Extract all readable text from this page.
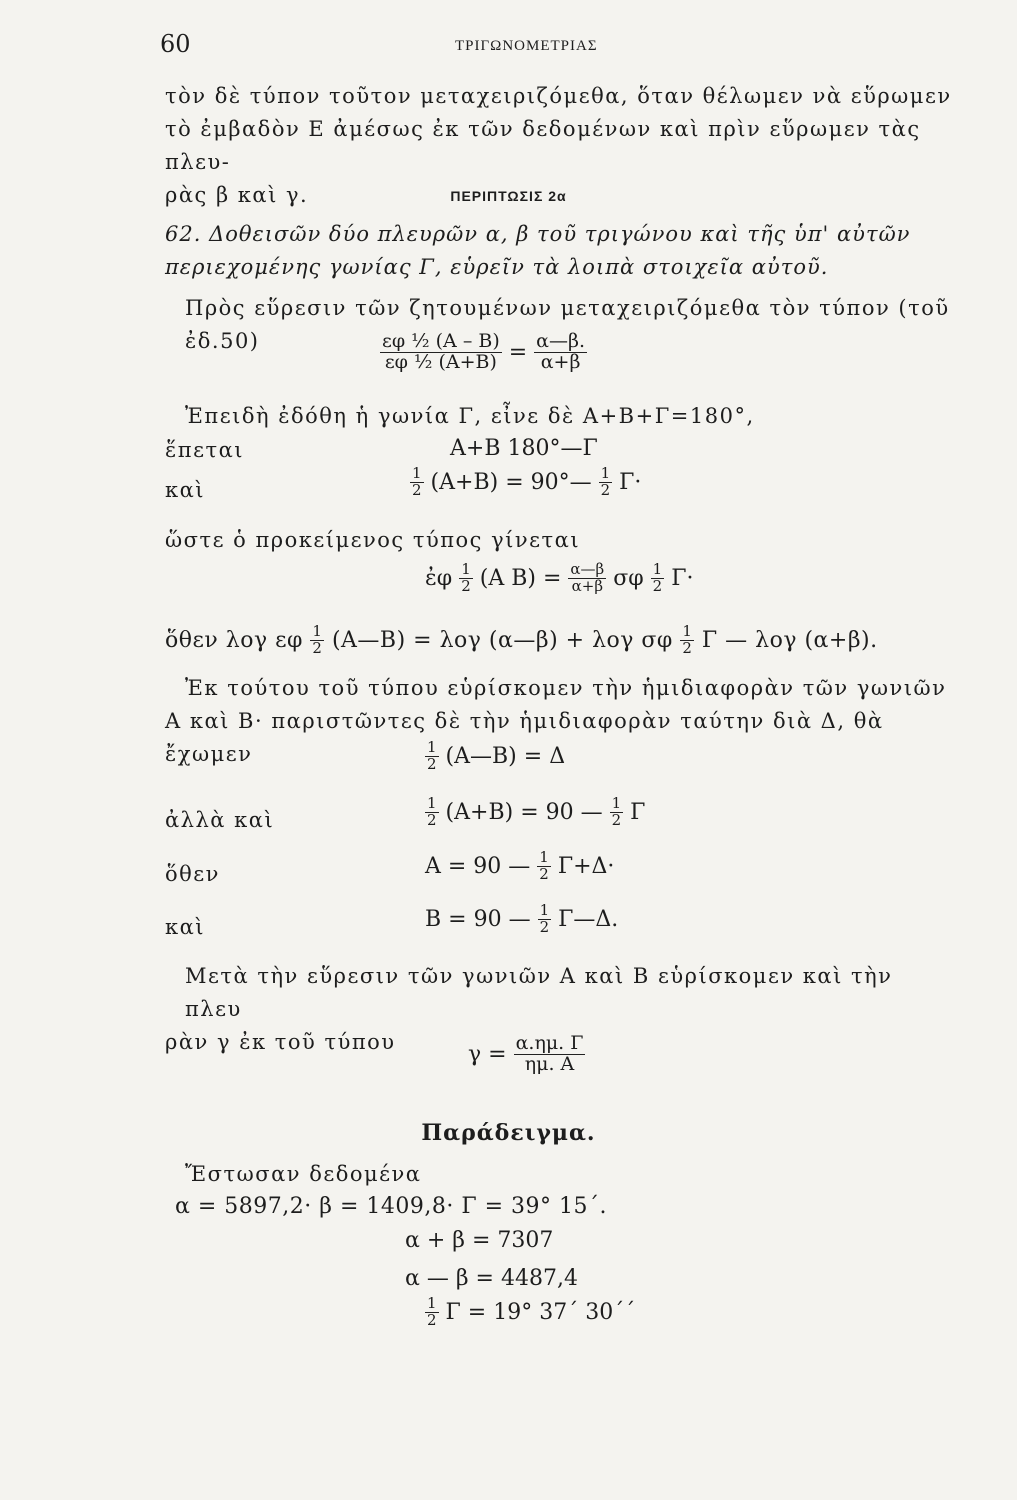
60	ΤΡΙΓΩΝΟΜΕΤΡΙΑΣ
τὸν δὲ τύπον τοῦτον μεταχειριζόμεθα, ὅταν θέλωμεν νὰ εὕρωμεν
τὸ ἐμβαδὸν Ε ἀμέσως ἐκ τῶν δεδομένων καὶ πρὶν εὕρωμεν τὰς πλευ-
ρὰς β καὶ γ.	ΠΕΡΙΠΤΩΣΙΣ 2α
62. Δοθεισῶν δύο πλευρῶν α, β τοῦ τριγώνου καὶ τῆς ὑπ' αὐτῶν
περιεχομένης γωνίας Γ, εὑρεῖν τὰ λοιπὰ στοιχεῖα αὐτοῦ.
Πρὸς εὕρεσιν τῶν ζητουμένων μεταχειριζόμεθα τὸν τύπον (τοῦ ἐδ.50)	$\frac{\text{εφ ½ (Α – Β)}}{\text{εφ ½ (Α+Β)}} = \frac{\alpha—\beta.}{\alpha+\beta}$
Ἐπειδὴ ἐδόθη ἡ γωνία Γ, εἶνε δὲ Α+Β+Γ=180°,
ἕπεται	Α+Β 180°—Γ
καὶ	$\frac{1}{2} (A+B)$ = 90°— $\frac{1}{2} \Gamma\cdot$
ὥστε ὁ προκείμενος τύπος γίνεται
ἐφ $\frac{1}{2} (A$ $B) = \frac{\alpha—\beta}{\alpha+\beta}$ σφ $\frac{1}{2} \Gamma\cdot$
ὅθεν λογ εφ $\frac{1}{2}$ (Α—Β) = λογ (α—β) + λογ σφ $\frac{1}{2}$ Γ — λογ (α+β).
Ἐκ τούτου τοῦ τύπου εὑρίσκομεν τὴν ἡμιδιαφορὰν τῶν γωνιῶν
Α καὶ Β· παριστῶντες δὲ τὴν ἡμιδιαφορὰν ταύτην διὰ Δ, θὰ ἔχωμεν	$\frac{1}{2}$ (Α—Β) = Δ
ἀλλὰ καὶ	$\frac{1}{2} (A+B) = 90$ — $\frac{1}{2}$ Γ
ὅθεν	Α = 90 — $\frac{1}{2} \Gamma+\Delta\cdot$
καὶ	Β = 90 — $\frac{1}{2}$ Γ—Δ.
Μετὰ τὴν εὕρεσιν τῶν γωνιῶν Α καὶ Β εὑρίσκομεν καὶ τὴν πλευ
ρὰν γ ἐκ τοῦ τύπου	$\gamma = \frac{\alpha.\eta\mu. \Gamma}{\eta\mu. A}$
Παράδειγμα.
Ἔστωσαν δεδομένα
α = 5897,2· β = 1409,8· Γ = 39° 15΄.
α + β = 7307
α — β = 4487,4
$\frac{1}{2}$ Γ = 19° 37΄ 30΄΄
